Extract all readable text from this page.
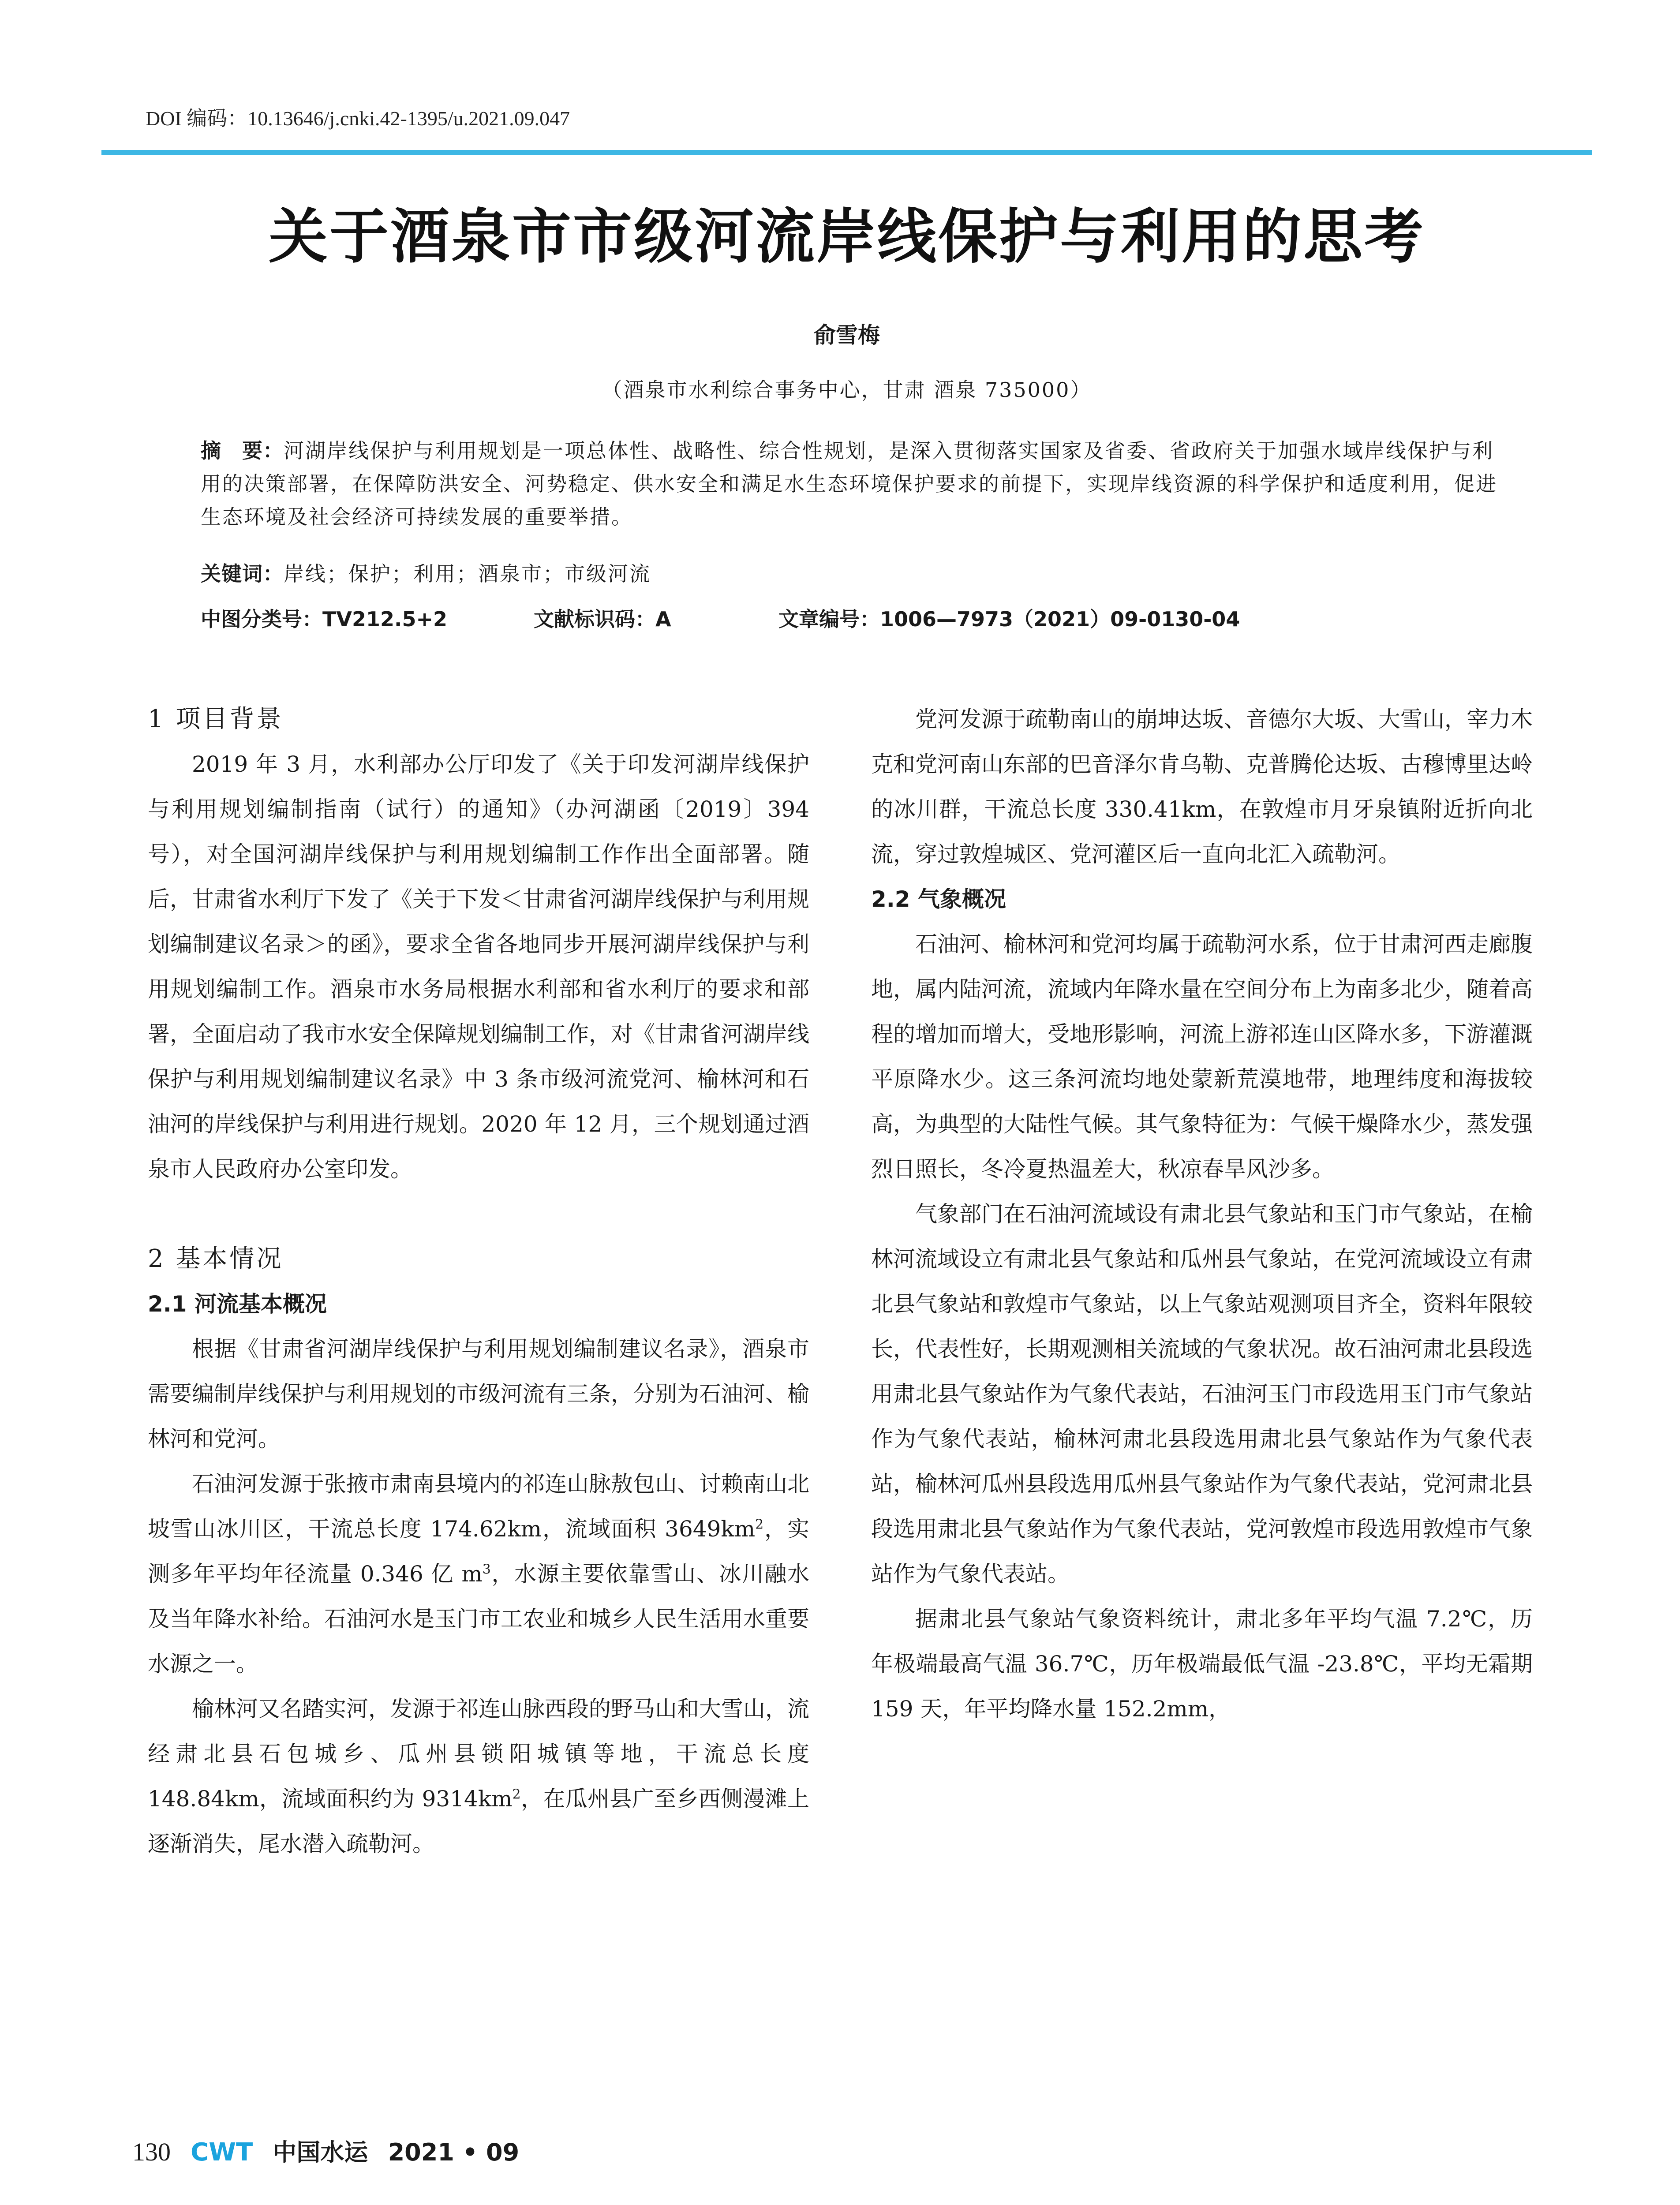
DOI 编码：10.13646/j.cnki.42-1395/u.2021.09.047
关于酒泉市市级河流岸线保护与利用的思考
俞雪梅
（酒泉市水利综合事务中心，甘肃 酒泉 735000）
摘　要：河湖岸线保护与利用规划是一项总体性、战略性、综合性规划，是深入贯彻落实国家及省委、省政府关于加强水域岸线保护与利用的决策部署，在保障防洪安全、河势稳定、供水安全和满足水生态环境保护要求的前提下，实现岸线资源的科学保护和适度利用，促进生态环境及社会经济可持续发展的重要举措。
关键词：岸线；保护；利用；酒泉市；市级河流
中图分类号：TV212.5+2	文献标识码：A	文章编号：1006—7973（2021）09-0130-04
1 项目背景

2019 年 3 月，水利部办公厅印发了《关于印发河湖岸线保护与利用规划编制指南（试行）的通知》（办河湖函〔2019〕394 号），对全国河湖岸线保护与利用规划编制工作作出全面部署。随后，甘肃省水利厅下发了《关于下发＜甘肃省河湖岸线保护与利用规划编制建议名录＞的函》，要求全省各地同步开展河湖岸线保护与利用规划编制工作。酒泉市水务局根据水利部和省水利厅的要求和部署，全面启动了我市水安全保障规划编制工作，对《甘肃省河湖岸线保护与利用规划编制建议名录》中 3 条市级河流党河、榆林河和石油河的岸线保护与利用进行规划。2020 年 12 月，三个规划通过酒泉市人民政府办公室印发。

2 基本情况
2.1 河流基本概况

根据《甘肃省河湖岸线保护与利用规划编制建议名录》，酒泉市需要编制岸线保护与利用规划的市级河流有三条，分别为石油河、榆林河和党河。

石油河发源于张掖市肃南县境内的祁连山脉敖包山、讨赖南山北坡雪山冰川区，干流总长度 174.62km，流域面积 $3649km^2$，实测多年平均年径流量 0.346 亿 $m^3$，水源主要依靠雪山、冰川融水及当年降水补给。石油河水是玉门市工农业和城乡人民生活用水重要水源之一。

榆林河又名踏实河，发源于祁连山脉西段的野马山和大雪山，流经肃北县石包城乡、瓜州县锁阳城镇等地，干流总长度 148.84km，流域面积约为 $9314km^2$，在瓜州县广至乡西侧漫滩上逐渐消失，尾水潜入疏勒河。

党河发源于疏勒南山的崩坤达坂、音德尔大坂、大雪山，宰力木克和党河南山东部的巴音泽尔肯乌勒、克普腾伦达坂、古穆博里达岭的冰川群，干流总长度 330.41km，在敦煌市月牙泉镇附近折向北流，穿过敦煌城区、党河灌区后一直向北汇入疏勒河。

2.2 气象概况

石油河、榆林河和党河均属于疏勒河水系，位于甘肃河西走廊腹地，属内陆河流，流域内年降水量在空间分布上为南多北少，随着高程的增加而增大，受地形影响，河流上游祁连山区降水多，下游灌溉平原降水少。这三条河流均地处蒙新荒漠地带，地理纬度和海拔较高，为典型的大陆性气候。其气象特征为：气候干燥降水少，蒸发强烈日照长，冬冷夏热温差大，秋凉春旱风沙多。

气象部门在石油河流域设有肃北县气象站和玉门市气象站，在榆林河流域设立有肃北县气象站和瓜州县气象站，在党河流域设立有肃北县气象站和敦煌市气象站，以上气象站观测项目齐全，资料年限较长，代表性好，长期观测相关流域的气象状况。故石油河肃北县段选用肃北县气象站作为气象代表站，石油河玉门市段选用玉门市气象站作为气象代表站，榆林河肃北县段选用肃北县气象站作为气象代表站，榆林河瓜州县段选用瓜州县气象站作为气象代表站，党河肃北县段选用肃北县气象站作为气象代表站，党河敦煌市段选用敦煌市气象站作为气象代表站。

据肃北县气象站气象资料统计，肃北多年平均气温 7.2℃，历年极端最高气温 36.7℃，历年极端最低气温 -23.8℃，平均无霜期 159 天，年平均降水量 152.2mm，

130 CWT 中国水运 2021 • 09
